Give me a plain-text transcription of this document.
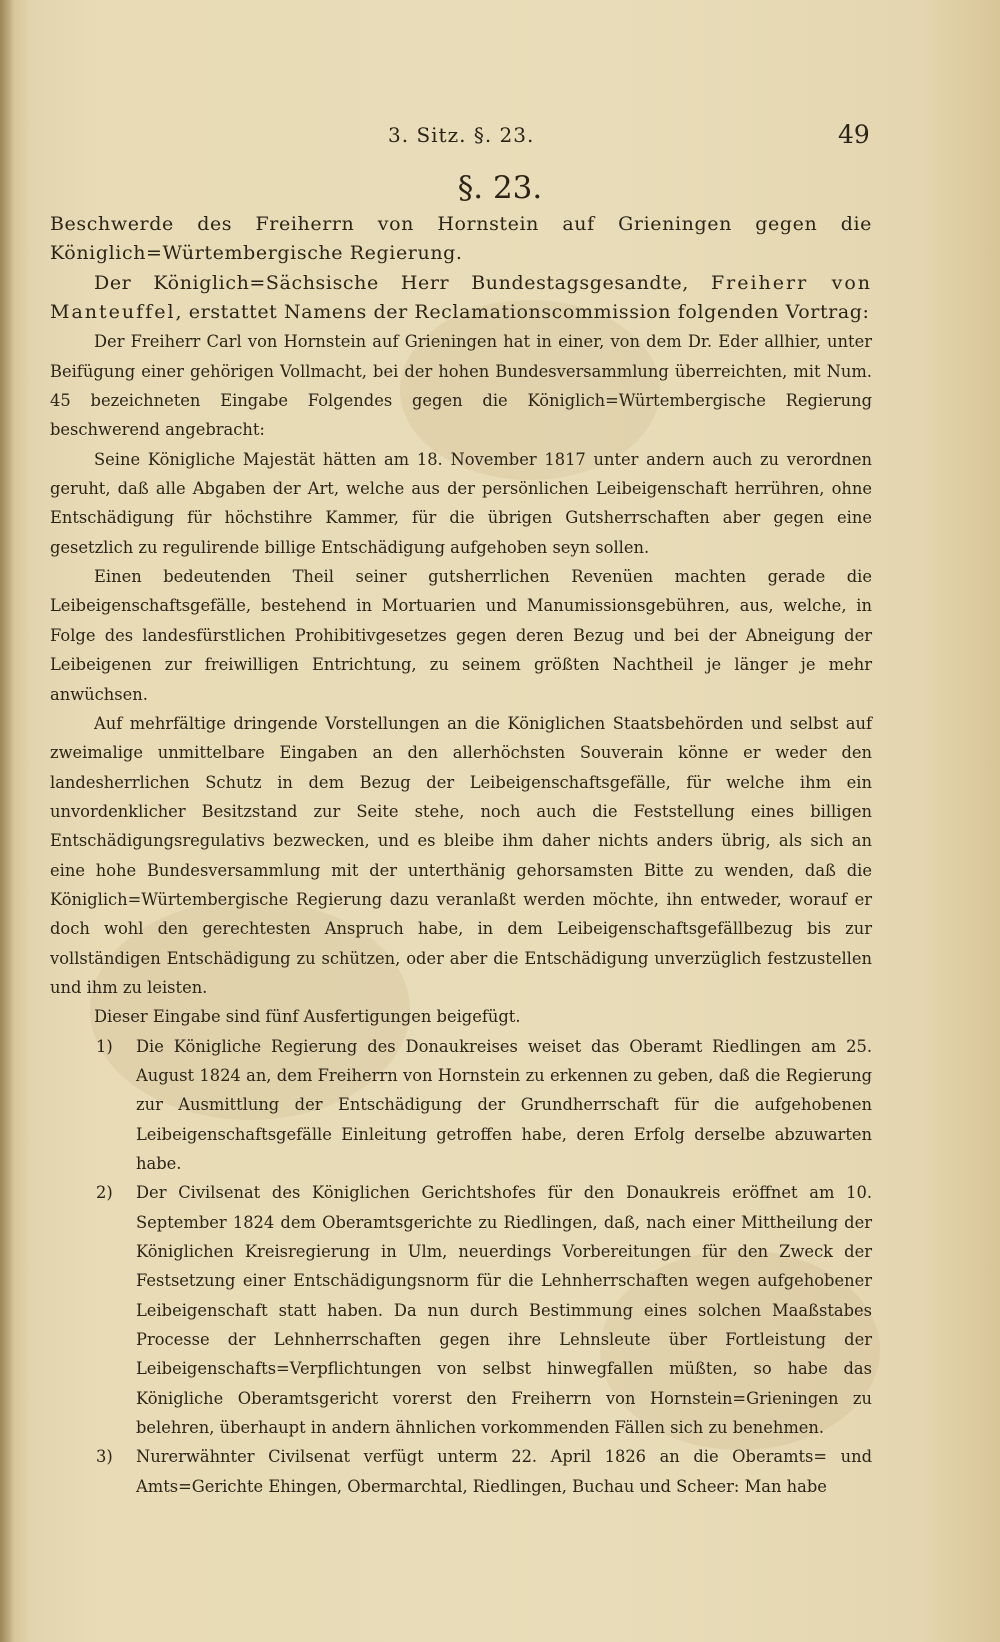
3. Sitz. §. 23.	49
§. 23.

Beschwerde des Freiherrn von Hornstein auf Grieningen gegen die Königlich=Würtembergische Regierung.

Der Königlich=Sächsische Herr Bundestagsgesandte, Freiherr von Manteuffel, erstattet Namens der Reclamationscommission folgenden Vortrag:

Der Freiherr Carl von Hornstein auf Grieningen hat in einer, von dem Dr. Eder allhier, unter Beifügung einer gehörigen Vollmacht, bei der hohen Bundesversammlung überreichten, mit Num. 45 bezeichneten Eingabe Folgendes gegen die Königlich=Würtembergische Regierung beschwerend angebracht:

Seine Königliche Majestät hätten am 18. November 1817 unter andern auch zu verordnen geruht, daß alle Abgaben der Art, welche aus der persönlichen Leibeigenschaft herrühren, ohne Entschädigung für höchstihre Kammer, für die übrigen Gutsherrschaften aber gegen eine gesetzlich zu regulirende billige Entschädigung aufgehoben seyn sollen.

Einen bedeutenden Theil seiner gutsherrlichen Revenüen machten gerade die Leibeigenschaftsgefälle, bestehend in Mortuarien und Manumissionsgebühren, aus, welche, in Folge des landesfürstlichen Prohibitivgesetzes gegen deren Bezug und bei der Abneigung der Leibeigenen zur freiwilligen Entrichtung, zu seinem größten Nachtheil je länger je mehr anwüchsen.

Auf mehrfältige dringende Vorstellungen an die Königlichen Staatsbehörden und selbst auf zweimalige unmittelbare Eingaben an den allerhöchsten Souverain könne er weder den landesherrlichen Schutz in dem Bezug der Leibeigenschaftsgefälle, für welche ihm ein unvordenklicher Besitzstand zur Seite stehe, noch auch die Feststellung eines billigen Entschädigungsregulativs bezwecken, und es bleibe ihm daher nichts anders übrig, als sich an eine hohe Bundesversammlung mit der unterthänig gehorsamsten Bitte zu wenden, daß die Königlich=Würtembergische Regierung dazu veranlaßt werden möchte, ihn entweder, worauf er doch wohl den gerechtesten Anspruch habe, in dem Leibeigenschaftsgefällbezug bis zur vollständigen Entschädigung zu schützen, oder aber die Entschädigung unverzüglich festzustellen und ihm zu leisten.

Dieser Eingabe sind fünf Ausfertigungen beigefügt.

1) Die Königliche Regierung des Donaukreises weiset das Oberamt Riedlingen am 25. August 1824 an, dem Freiherrn von Hornstein zu erkennen zu geben, daß die Regierung zur Ausmittlung der Entschädigung der Grundherrschaft für die aufgehobenen Leibeigenschaftsgefälle Einleitung getroffen habe, deren Erfolg derselbe abzuwarten habe.
2) Der Civilsenat des Königlichen Gerichtshofes für den Donaukreis eröffnet am 10. September 1824 dem Oberamtsgerichte zu Riedlingen, daß, nach einer Mittheilung der Königlichen Kreisregierung in Ulm, neuerdings Vorbereitungen für den Zweck der Festsetzung einer Entschädigungsnorm für die Lehnherrschaften wegen aufgehobener Leibeigenschaft statt haben. Da nun durch Bestimmung eines solchen Maaßstabes Processe der Lehnherrschaften gegen ihre Lehnsleute über Fortleistung der Leibeigenschafts=Verpflichtungen von selbst hinwegfallen müßten, so habe das Königliche Oberamtsgericht vorerst den Freiherrn von Hornstein=Grieningen zu belehren, überhaupt in andern ähnlichen vorkommenden Fällen sich zu benehmen.
3) Nurerwähnter Civilsenat verfügt unterm 22. April 1826 an die Oberamts= und Amts=Gerichte Ehingen, Obermarchtal, Riedlingen, Buchau und Scheer: Man habe
